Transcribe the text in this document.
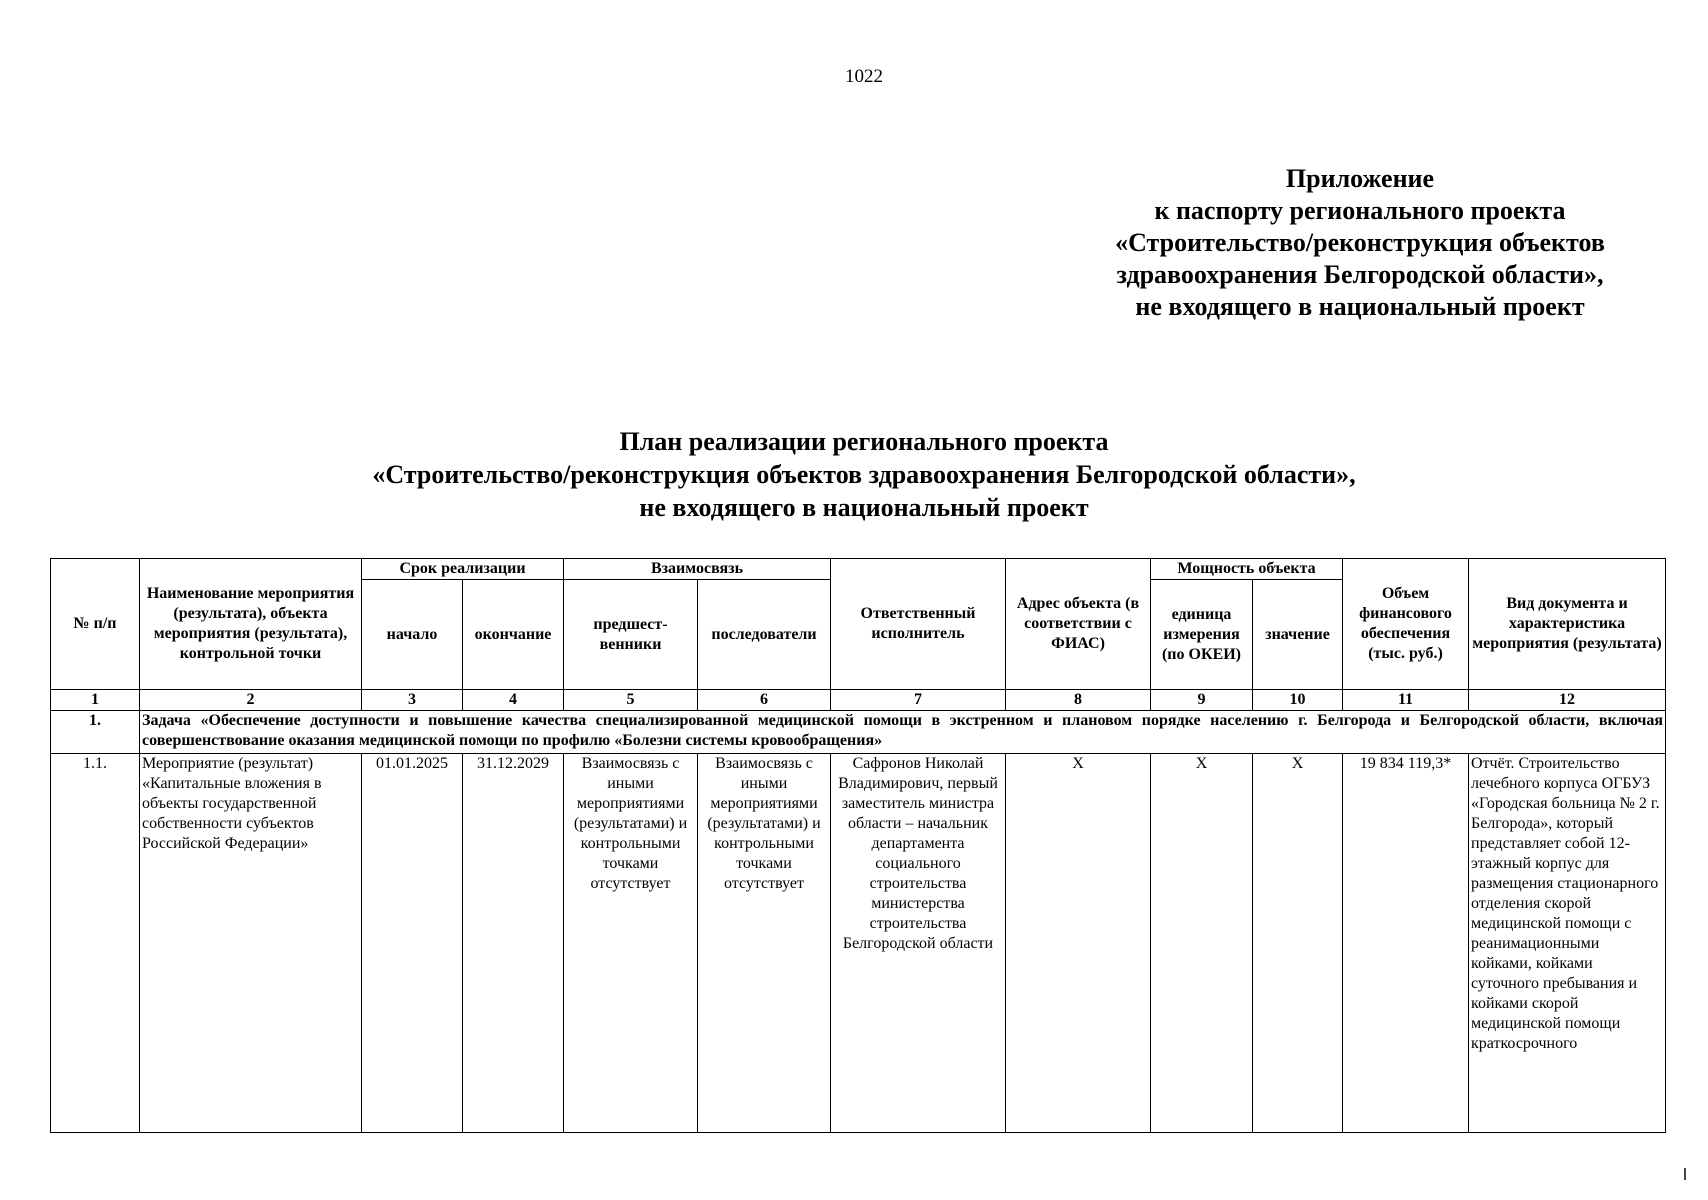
1022
Приложение
к паспорту регионального проекта
«Строительство/реконструкция объектов
здравоохранения Белгородской области»,
не входящего в национальный проект
План реализации регионального проекта
«Строительство/реконструкция объектов здравоохранения Белгородской области»,
не входящего в национальный проект
№ п/п	Наименование мероприятия (результата), объекта мероприятия (результата), контрольной точки	Срок реализации		Взаимосвязь		Ответственный исполнитель	Адрес объекта (в соответствии с ФИАС)	Мощность объекта		Объем финансового обеспечения (тыс. руб.)	Вид документа и характеристика мероприятия (результата)
		начало	окончание	предшест-венники	последователи			единица измерения (по ОКЕИ)	значение		
1	2	3	4	5	6	7	8	9	10	11	12
1.	Задача «Обеспечение доступности и повышение качества специализированной медицинской помощи в экстренном и плановом порядке населению г. Белгорода и Белгородской области, включая совершенствование оказания медицинской помощи по профилю «Болезни системы кровообращения»										
1.1.	Мероприятие (результат) «Капитальные вложения в объекты государственной собственности субъектов Российской Федерации»	01.01.2025	31.12.2029	Взаимосвязь с иными мероприятиями (результатами) и контрольными точками отсутствует	Взаимосвязь с иными мероприятиями (результатами) и контрольными точками отсутствует	Сафронов Николай Владимирович, первый заместитель министра области – начальник департамента социального строительства министерства строительства Белгородской области	Х	Х	Х	19 834 119,3*	Отчёт. Строительство лечебного корпуса ОГБУЗ «Городская больница № 2 г. Белгорода», который представляет собой 12-этажный корпус для размещения стационарного отделения скорой медицинской помощи с реанимационными койками, койками суточного пребывания и койками скорой медицинской помощи краткосрочного
